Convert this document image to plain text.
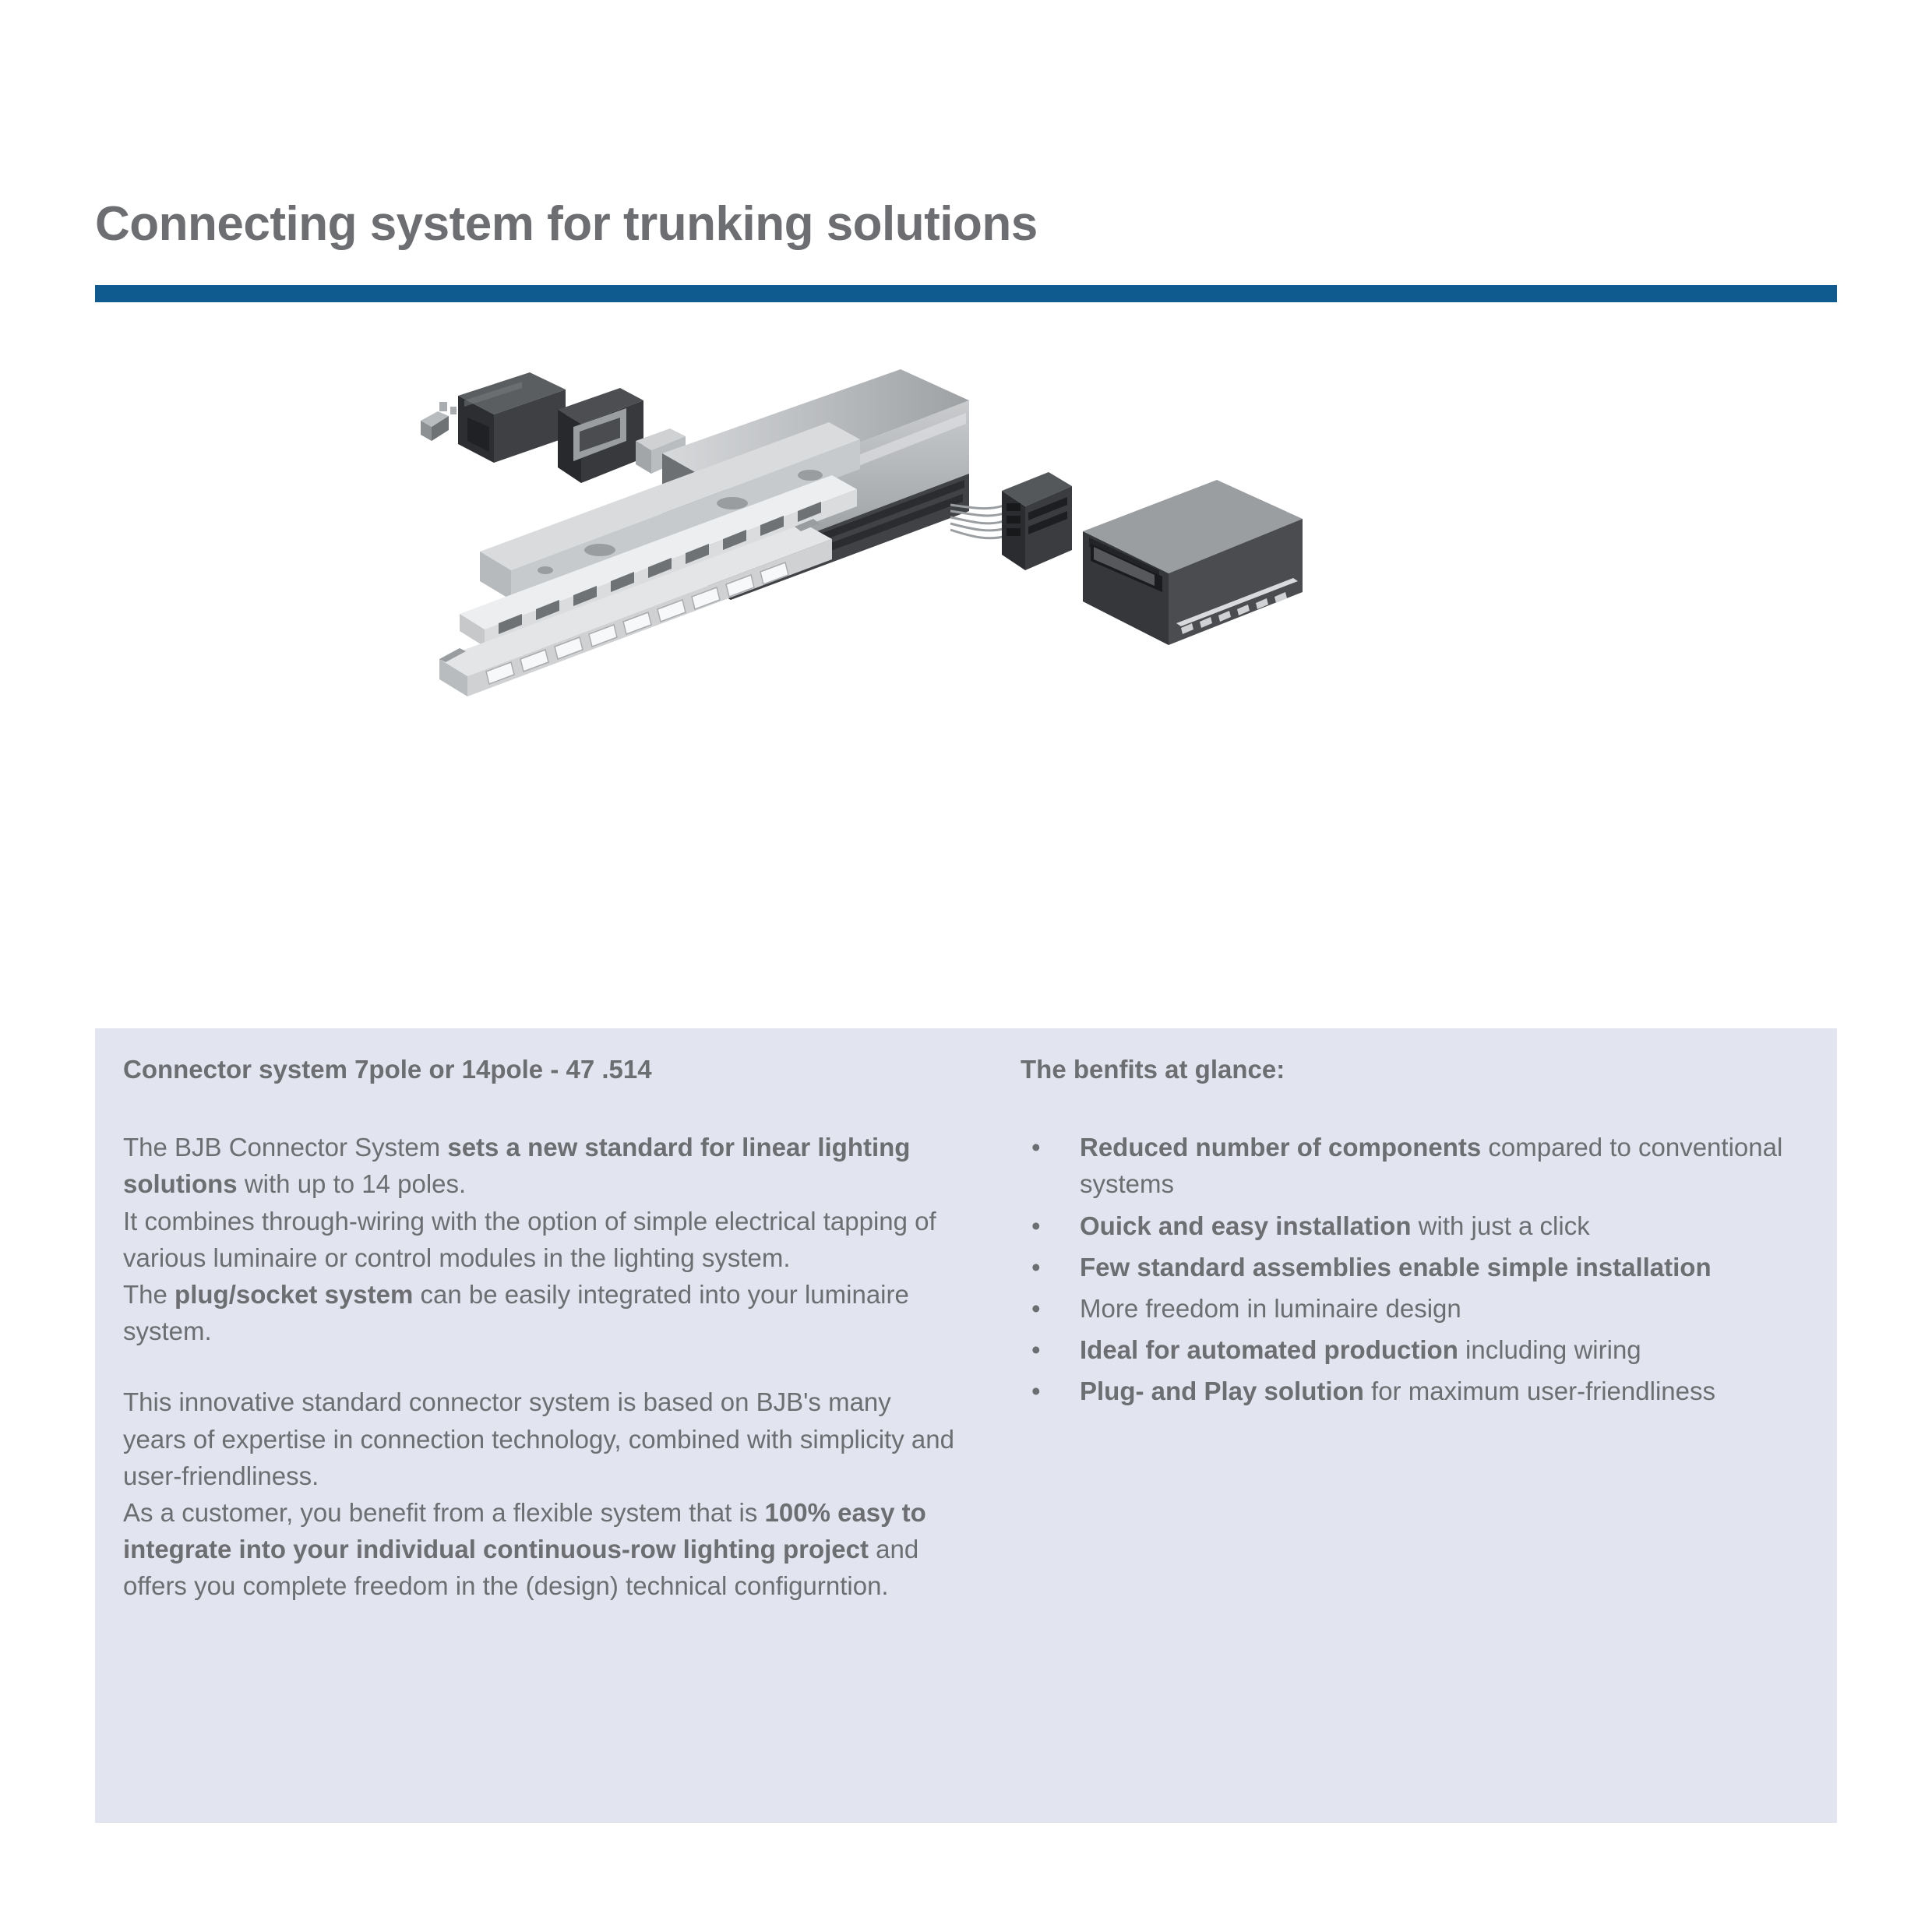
Connecting system for trunking solutions
Connector system 7pole or 14pole - 47 .514

The BJB Connector System sets a new standard for linear lighting solutions with up to 14 poles.
It combines through-wiring with the option of simple electrical tapping of various luminaire or control modules in the lighting system.
The plug/socket system can be easily integrated into your luminaire system.

This innovative standard connector system is based on BJB's many years of expertise in connection technology, combined with simplicity and user-friendliness.
As a customer, you benefit from a flexible system that is 100% easy to integrate into your individual continuous-row lighting project and offers you complete freedom in the (design) technical configurntion.

The benfits at glance:
• Reduced number of components compared to conventional systems
• Ouick and easy installation with just a click
• Few standard assemblies enable simple installation
• More freedom in luminaire design
• Ideal for automated production including wiring
• Plug- and Play solution for maximum user-friendliness
